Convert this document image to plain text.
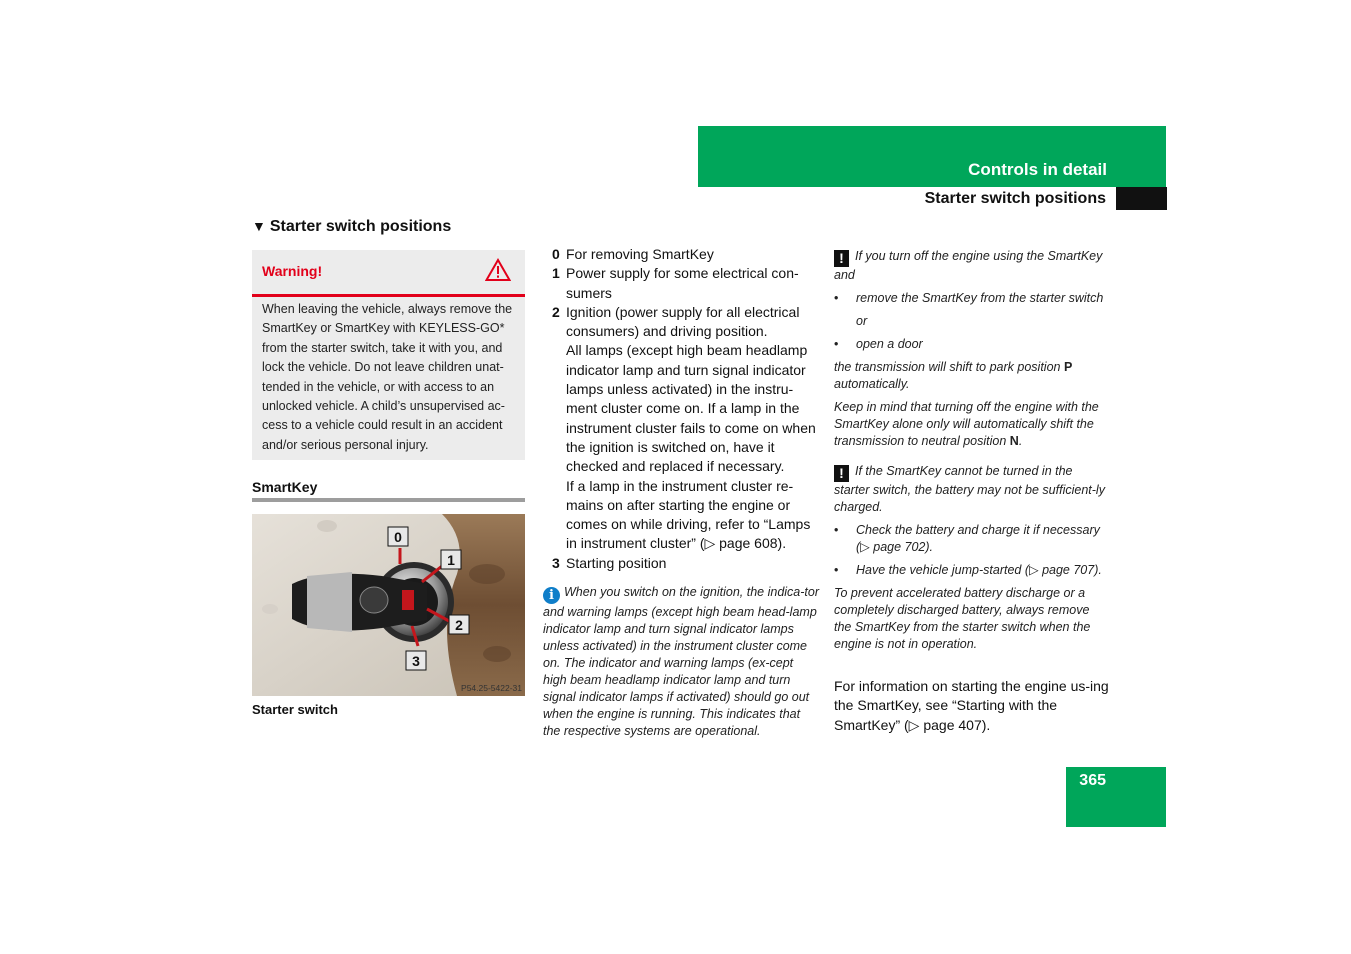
Controls in detail
Starter switch positions
▼ Starter switch positions
Warning!
When leaving the vehicle, always remove the SmartKey or SmartKey with KEYLESS-GO* from the starter switch, take it with you, and lock the vehicle. Do not leave children unat-tended in the vehicle, or with access to an unlocked vehicle. A child’s unsupervised ac-cess to a vehicle could result in an accident and/or serious personal injury.
SmartKey
0
1
2
3
P54.25-5422-31
Starter switch
0 For removing SmartKey
1 Power supply for some electrical con-sumers
2 Ignition (power supply for all electrical consumers) and driving position.
All lamps (except high beam headlamp indicator lamp and turn signal indicator lamps unless activated) in the instru-ment cluster come on. If a lamp in the instrument cluster fails to come on when the ignition is switched on, have it checked and replaced if necessary.
If a lamp in the instrument cluster re-mains on after starting the engine or comes on while driving, refer to “Lamps in instrument cluster” (▷ page 608).
3 Starting position
i When you switch on the ignition, the indica-tor and warning lamps (except high beam head-lamp indicator lamp and turn signal indicator lamps unless activated) in the instrument cluster come on. The indicator and warning lamps (ex-cept high beam headlamp indicator lamp and turn signal indicator lamps if activated) should go out when the engine is running. This indicates that the respective systems are operational.

! If you turn off the engine using the SmartKey and

• remove the SmartKey from the starter switch

or

• open a door

the transmission will shift to park position P automatically.

Keep in mind that turning off the engine with the SmartKey alone only will automatically shift the transmission to neutral position N.

! If the SmartKey cannot be turned in the starter switch, the battery may not be sufficient-ly charged.

• Check the battery and charge it if necessary (▷ page 702).

• Have the vehicle jump-started (▷ page 707).

To prevent accelerated battery discharge or a completely discharged battery, always remove the SmartKey from the starter switch when the engine is not in operation.

For information on starting the engine us-ing the SmartKey, see “Starting with the SmartKey” (▷ page 407).
365
